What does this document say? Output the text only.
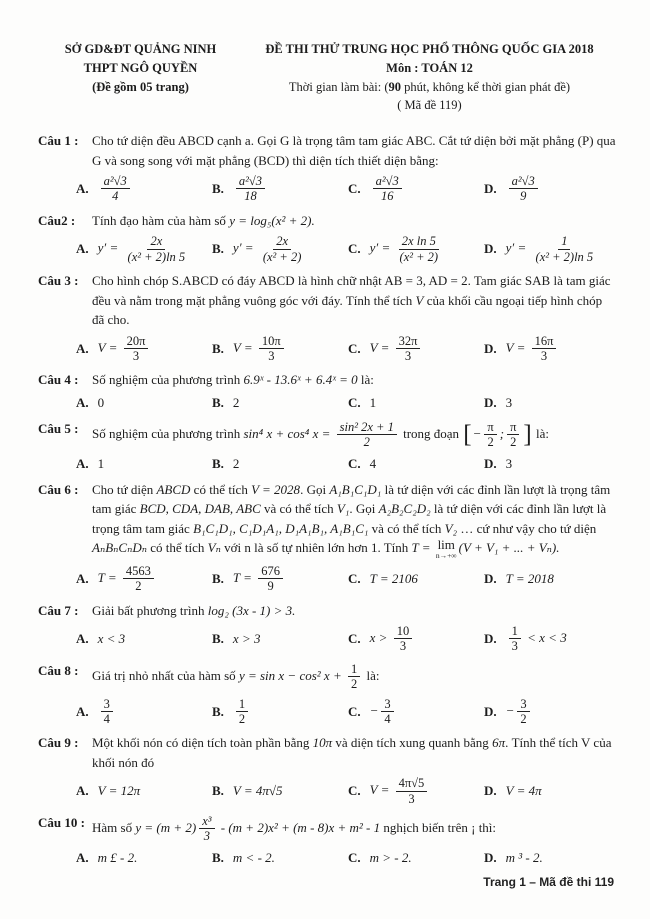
SỞ GD&ĐT QUẢNG NINH
THPT NGÔ QUYỀN
(Đề gồm 05 trang)
ĐỀ THI THỬ TRUNG HỌC PHỔ THÔNG QUỐC GIA 2018
Môn : TOÁN 12
Thời gian làm bài: (90 phút, không kể thời gian phát đề)
( Mã đề 119)
Câu 1 :	Cho tứ diện đều ABCD cạnh a. Gọi G là trọng tâm tam giác ABC. Cắt tứ diện bởi mặt phẳng (P) qua G và song song với mặt phẳng (BCD) thì diện tích thiết diện bằng:
A. $\frac{\text{a²√3}}{4}$	B. $\frac{\text{a²√3}}{18}$	C. $\frac{\text{a²√3}}{16}$	D. $\frac{\text{a²√3}}{9}$
Câu2 :	Tính đạo hàm của hàm số y = log₅(x² + 2).
A. $y' = \frac{2x}{\text{(x² + 2)ln 5}} B$. $y' = \frac{2x}{\text{(x² + 2)}}$	C. $y' = \frac{\text{2x ln 5}}{\text{(x² + 2)}}$	D. $y' = \frac{1}{\text{(x² + 2)ln 5}}$
Câu 3 :	Cho hình chóp S.ABCD có đáy ABCD là hình chữ nhật AB = 3, AD = 2. Tam giác SAB là tam giác đều và nằm trong mặt phẳng vuông góc với đáy. Tính thể tích V của khối cầu ngoại tiếp hình chóp đã cho.
A. $V = \frac{20\pi}{3}$	B. $V = \frac{10\pi}{3}$	C. $V = \frac{32\pi}{3}$	D. $V = \frac{16\pi}{3}$
Câu 4 :	Số nghiệm của phương trình 6.9ˣ - 13.6ˣ + 6.4ˣ = 0 là:
A. 0	B. 2	C. 1	D. 3
Câu 5 :	Số nghiệm của phương trình sin⁴ x + cos⁴ $x = \frac{\text{sin² 2x + 1}}{2}$ trong đoạn [− $\frac{\pi}{2}$ ; $\frac{\pi}{2}$ ] là:
A. 1	B. 2	C. 4	D. 3
Câu 6 :	Cho tứ diện ABCD có thể tích V = 2028. Gọi A₁B₁C₁D₁ là tứ diện với các đỉnh lần lượt là trọng tâm tam giác BCD, CDA, DAB, ABC và có thể tích V₁. Gọi A₂B₂C₂D₂ là tứ diện với các đỉnh lần lượt là trọng tâm tam giác B₁C₁D₁, C₁D₁A₁, D₁A₁B₁, A₁B₁C₁ và có thể tích V₂ … cứ như vậy cho tứ diện AₙBₙCₙDₙ có thể tích Vₙ với n là số tự nhiên lớn hơn 1. Tính T = lim
n→+∞
(V + V₁ + ... + Vₙ).
A. $T = \frac{4563}{2}$	B. $T = \frac{676}{9}$	C. T = 2106	D. T = 2018
Câu 7 :	Giải bất phương trình log₂ (3x - 1) > 3.
A. x < 3	B. x > 3	C. $x > \frac{10}{3}$	D. $\frac{1}{3} < x < 3$
Câu 8 :	Giá trị nhỏ nhất của hàm số y = sin x − cos² $x + \frac{1}{2}$ là:
A. $\frac{3}{4}$	B. $\frac{1}{2}$	C. − $\frac{3}{4}$	D. − $\frac{3}{2}$
Câu 9 :	Một khối nón có diện tích toàn phần bằng 10π và diện tích xung quanh bằng 6π. Tính thể tích V của khối nón đó
A. V = 12π	B. V = 4π√5	C. $V = \frac{4\pi√5}{3}$	D. V = 4π
Câu 10 : Hàm số $y = (m + 2) \frac{\text{x³}}{3} - (m + 2)x^2 + (m - 8)x + m^2 - 1$ nghịch biến trên ¡ thì:
A. m £ - 2.	B. m < - 2.	C. m > - 2.	D. m ³ - 2.
Trang 1 – Mã đề thi 119
